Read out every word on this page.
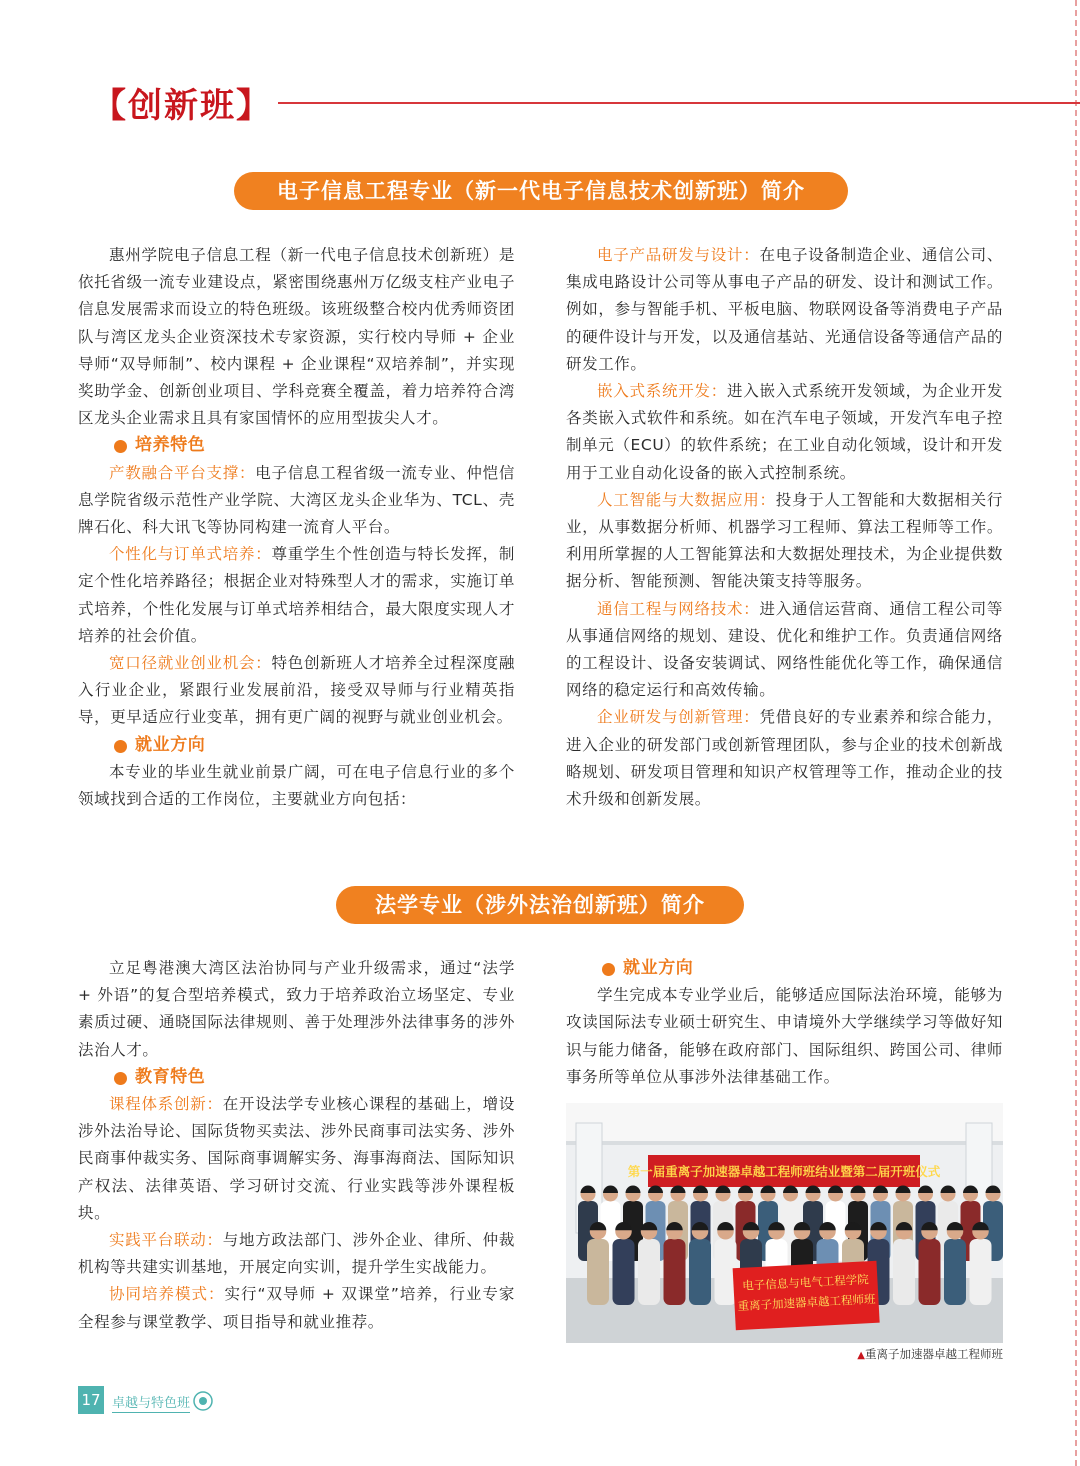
【创新班】
电子信息工程专业（新一代电子信息技术创新班）简介

惠州学院电子信息工程（新一代电子信息技术创新班）是依托省级一流专业建设点，紧密围绕惠州万亿级支柱产业电子信息发展需求而设立的特色班级。该班级整合校内优秀师资团队与湾区龙头企业资深技术专家资源，实行校内导师 + 企业导师“双导师制”、校内课程 + 企业课程“双培养制”，并实现奖助学金、创新创业项目、学科竞赛全覆盖，着力培养符合湾区龙头企业需求且具有家国情怀的应用型拔尖人才。

培养特色

产教融合平台支撑：电子信息工程省级一流专业、仲恺信息学院省级示范性产业学院、大湾区龙头企业华为、TCL、壳牌石化、科大讯飞等协同构建一流育人平台。

个性化与订单式培养：尊重学生个性创造与特长发挥，制定个性化培养路径；根据企业对特殊型人才的需求，实施订单式培养，个性化发展与订单式培养相结合，最大限度实现人才培养的社会价值。

宽口径就业创业机会：特色创新班人才培养全过程深度融入行业企业，紧跟行业发展前沿，接受双导师与行业精英指导，更早适应行业变革，拥有更广阔的视野与就业创业机会。

就业方向

本专业的毕业生就业前景广阔，可在电子信息行业的多个领域找到合适的工作岗位，主要就业方向包括：

电子产品研发与设计：在电子设备制造企业、通信公司、集成电路设计公司等从事电子产品的研发、设计和测试工作。例如，参与智能手机、平板电脑、物联网设备等消费电子产品的硬件设计与开发，以及通信基站、光通信设备等通信产品的研发工作。

嵌入式系统开发：进入嵌入式系统开发领域，为企业开发各类嵌入式软件和系统。如在汽车电子领域，开发汽车电子控制单元（ECU）的软件系统；在工业自动化领域，设计和开发用于工业自动化设备的嵌入式控制系统。

人工智能与大数据应用：投身于人工智能和大数据相关行业，从事数据分析师、机器学习工程师、算法工程师等工作。利用所掌握的人工智能算法和大数据处理技术，为企业提供数据分析、智能预测、智能决策支持等服务。

通信工程与网络技术：进入通信运营商、通信工程公司等从事通信网络的规划、建设、优化和维护工作。负责通信网络的工程设计、设备安装调试、网络性能优化等工作，确保通信网络的稳定运行和高效传输。

企业研发与创新管理：凭借良好的专业素养和综合能力，进入企业的研发部门或创新管理团队，参与企业的技术创新战略规划、研发项目管理和知识产权管理等工作，推动企业的技术升级和创新发展。

法学专业（涉外法治创新班）简介

立足粤港澳大湾区法治协同与产业升级需求，通过“法学 + 外语”的复合型培养模式，致力于培养政治立场坚定、专业素质过硬、通晓国际法律规则、善于处理涉外法律事务的涉外法治人才。

教育特色

课程体系创新：在开设法学专业核心课程的基础上，增设涉外法治导论、国际货物买卖法、涉外民商事司法实务、涉外民商事仲裁实务、国际商事调解实务、海事海商法、国际知识产权法、法律英语、学习研讨交流、行业实践等涉外课程板块。

实践平台联动：与地方政法部门、涉外企业、律所、仲裁机构等共建实训基地，开展定向实训，提升学生实战能力。

协同培养模式：实行“双导师 + 双课堂”培养，行业专家全程参与课堂教学、项目指导和就业推荐。

就业方向

学生完成本专业学业后，能够适应国际法治环境，能够为攻读国际法专业硕士研究生、申请境外大学继续学习等做好知识与能力储备，能够在政府部门、国际组织、跨国公司、律师事务所等单位从事涉外法律基础工作。

第一届重离子加速器卓越工程师班结业暨第二届开班仪式
电子信息与电气工程学院
重离子加速器卓越工程师班
▲重离子加速器卓越工程师班
17 卓越与特色班
